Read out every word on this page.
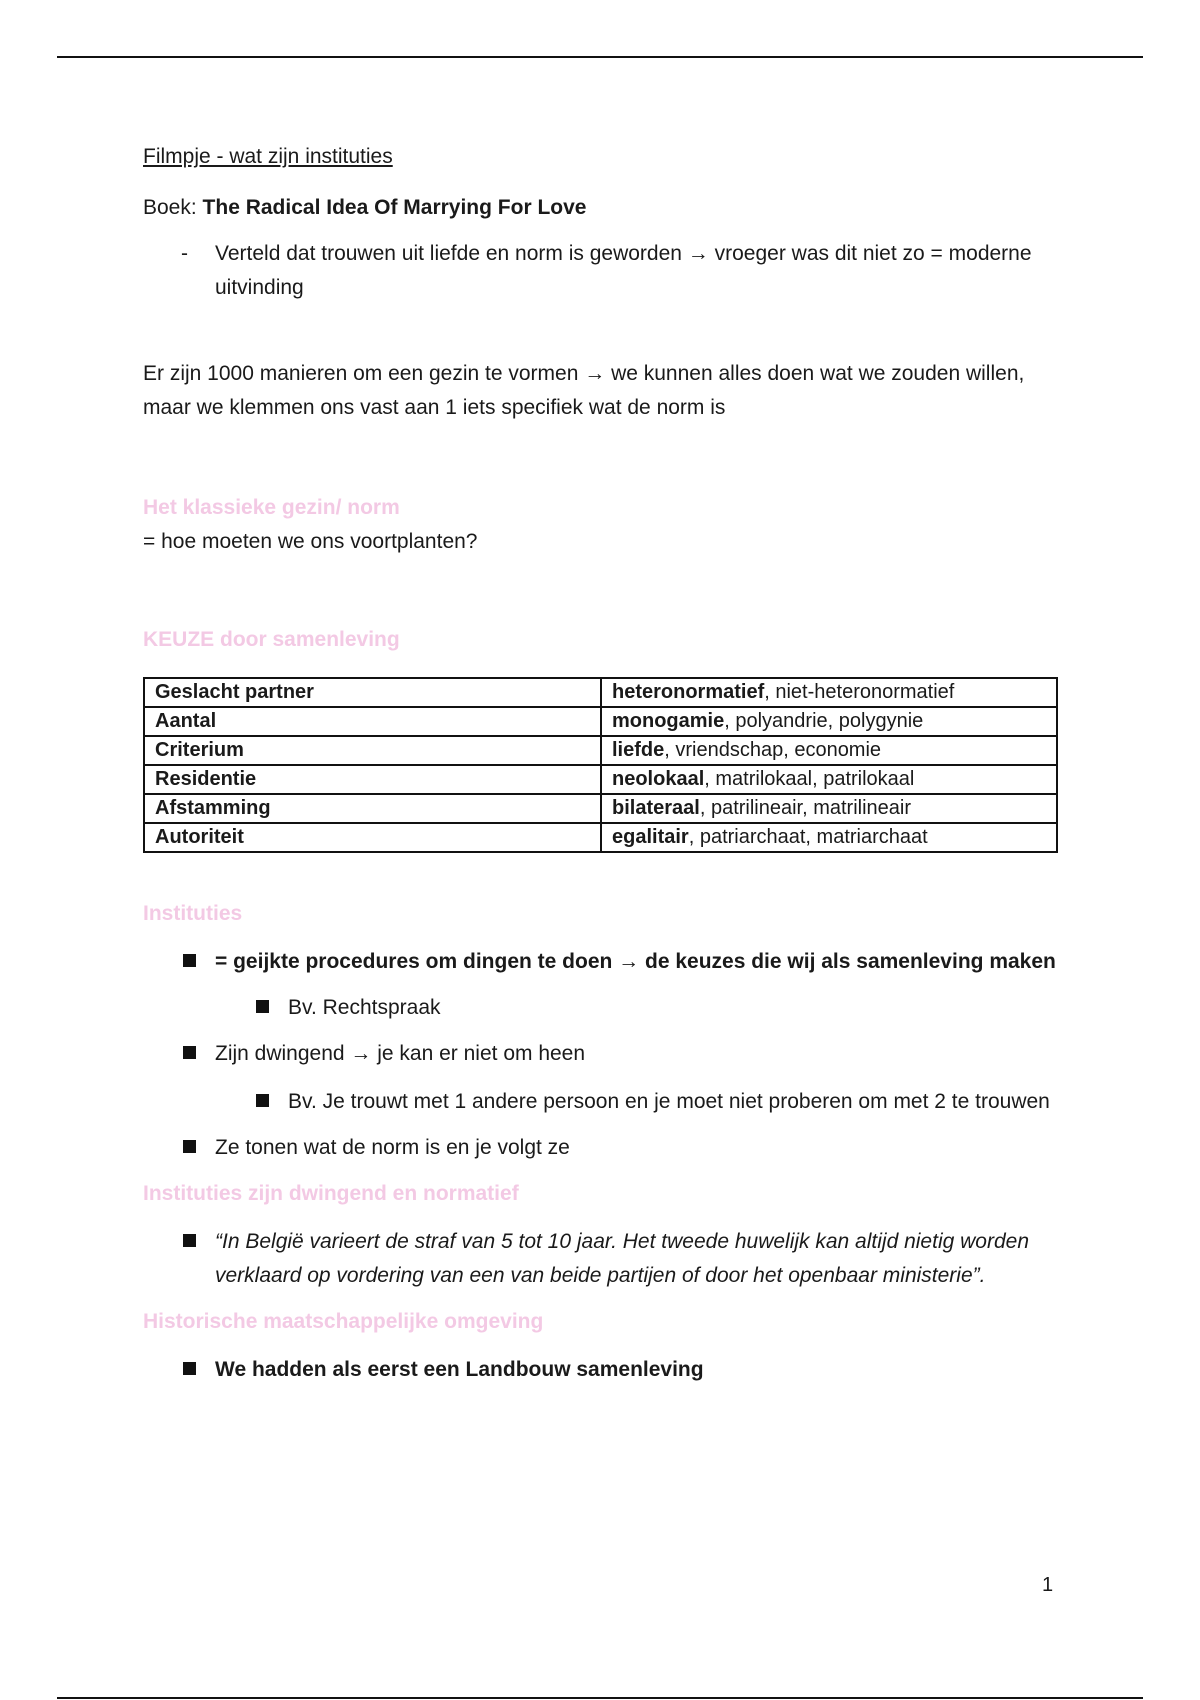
Filmpje - wat zijn instituties

Boek: The Radical Idea Of Marrying For Love

- Verteld dat trouwen uit liefde en norm is geworden → vroeger was dit niet zo = moderne uitvinding

Er zijn 1000 manieren om een gezin te vormen → we kunnen alles doen wat we zouden willen, maar we klemmen ons vast aan 1 iets specifiek wat de norm is

Het klassieke gezin/ norm

= hoe moeten we ons voortplanten?

KEUZE door samenleving

Geslacht partner	heteronormatief, niet-heteronormatief
Aantal	monogamie, polyandrie, polygynie
Criterium	liefde, vriendschap, economie
Residentie	neolokaal, matrilokaal, patrilokaal
Afstamming	bilateraal, patrilineair, matrilineair
Autoriteit	egalitair, patriarchaat, matriarchaat

Instituties

= geijkte procedures om dingen te doen → de keuzes die wij als samenleving maken
Bv. Rechtspraak
Zijn dwingend → je kan er niet om heen
Bv. Je trouwt met 1 andere persoon en je moet niet proberen om met 2 te trouwen
Ze tonen wat de norm is en je volgt ze

Instituties zijn dwingend en normatief

“In België varieert de straf van 5 tot 10 jaar. Het tweede huwelijk kan altijd nietig worden verklaard op vordering van een van beide partijen of door het openbaar ministerie”.

Historische maatschappelijke omgeving

We hadden als eerst een Landbouw samenleving
1
